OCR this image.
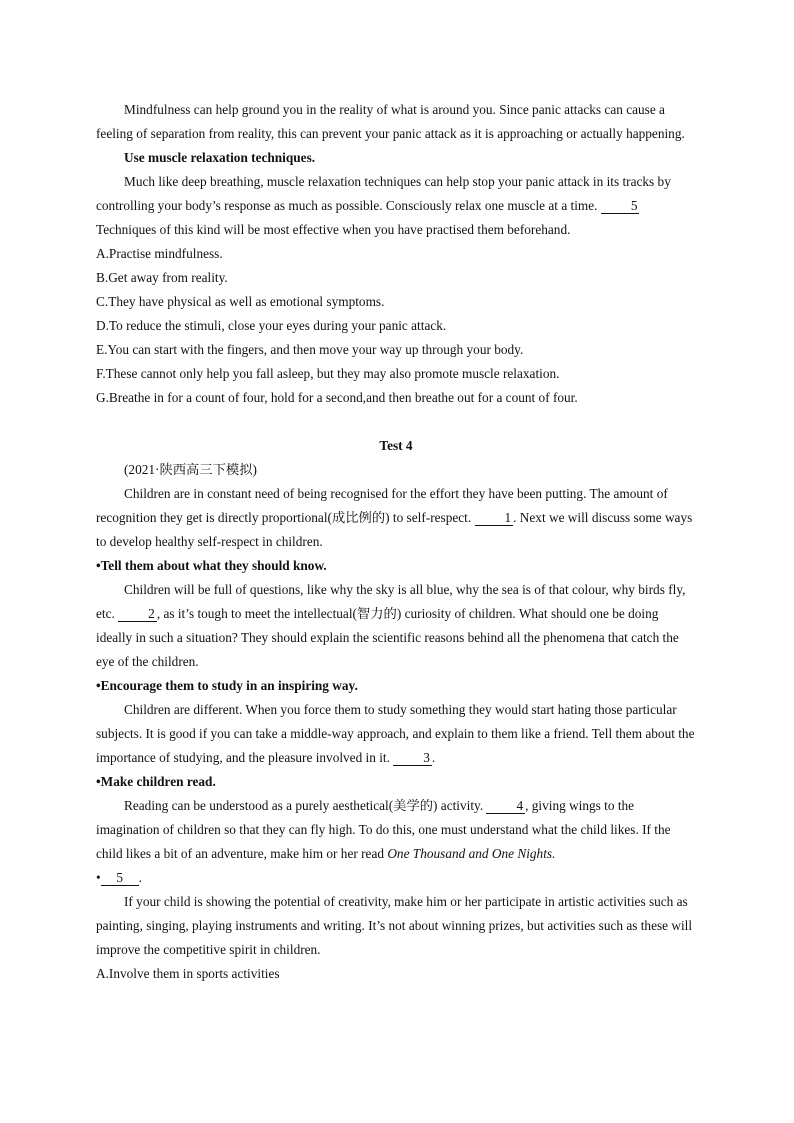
Mindfulness can help ground you in the reality of what is around you. Since panic attacks can cause a feeling of separation from reality, this can prevent your panic attack as it is approaching or actually happening.

Use muscle relaxation techniques.

Much like deep breathing, muscle relaxation techniques can help stop your panic attack in its tracks by controlling your body’s response as much as possible. Consciously relax one muscle at a time. 5 Techniques of this kind will be most effective when you have practised them beforehand.

A.Practise mindfulness.

B.Get away from reality.

C.They have physical as well as emotional symptoms.

D.To reduce the stimuli, close your eyes during your panic attack.

E.You can start with the fingers, and then move your way up through your body.

F.These cannot only help you fall asleep, but they may also promote muscle relaxation.

G.Breathe in for a count of four, hold for a second,and then breathe out for a count of four.

Test 4

(2021·陕西高三下模拟)

Children are in constant need of being recognised for the effort they have been putting. The amount of recognition they get is directly proportional(成比例的) to self-respect. 1 . Next we will discuss some ways to develop healthy self-respect in children.

•Tell them about what they should know.

Children will be full of questions, like why the sky is all blue, why the sea is of that colour, why birds fly, etc. 2 , as it’s tough to meet the intellectual(智力的) curiosity of children. What should one be doing ideally in such a situation? They should explain the scientific reasons behind all the phenomena that catch the eye of the children.

•Encourage them to study in an inspiring way.

Children are different. When you force them to study something they would start hating those particular subjects. It is good if you can take a middle-way approach, and explain to them like a friend. Tell them about the importance of studying, and the pleasure involved in it. 3 .

•Make children read.

Reading can be understood as a purely aesthetical(美学的) activity. 4 , giving wings to the imagination of children so that they can fly high. To do this, one must understand what the child likes. If the child likes a bit of an adventure, make him or her read One Thousand and One Nights.

• 5 .

If your child is showing the potential of creativity, make him or her participate in artistic activities such as painting, singing, playing instruments and writing. It’s not about winning prizes, but activities such as these will improve the competitive spirit in children.

A.Involve them in sports activities
